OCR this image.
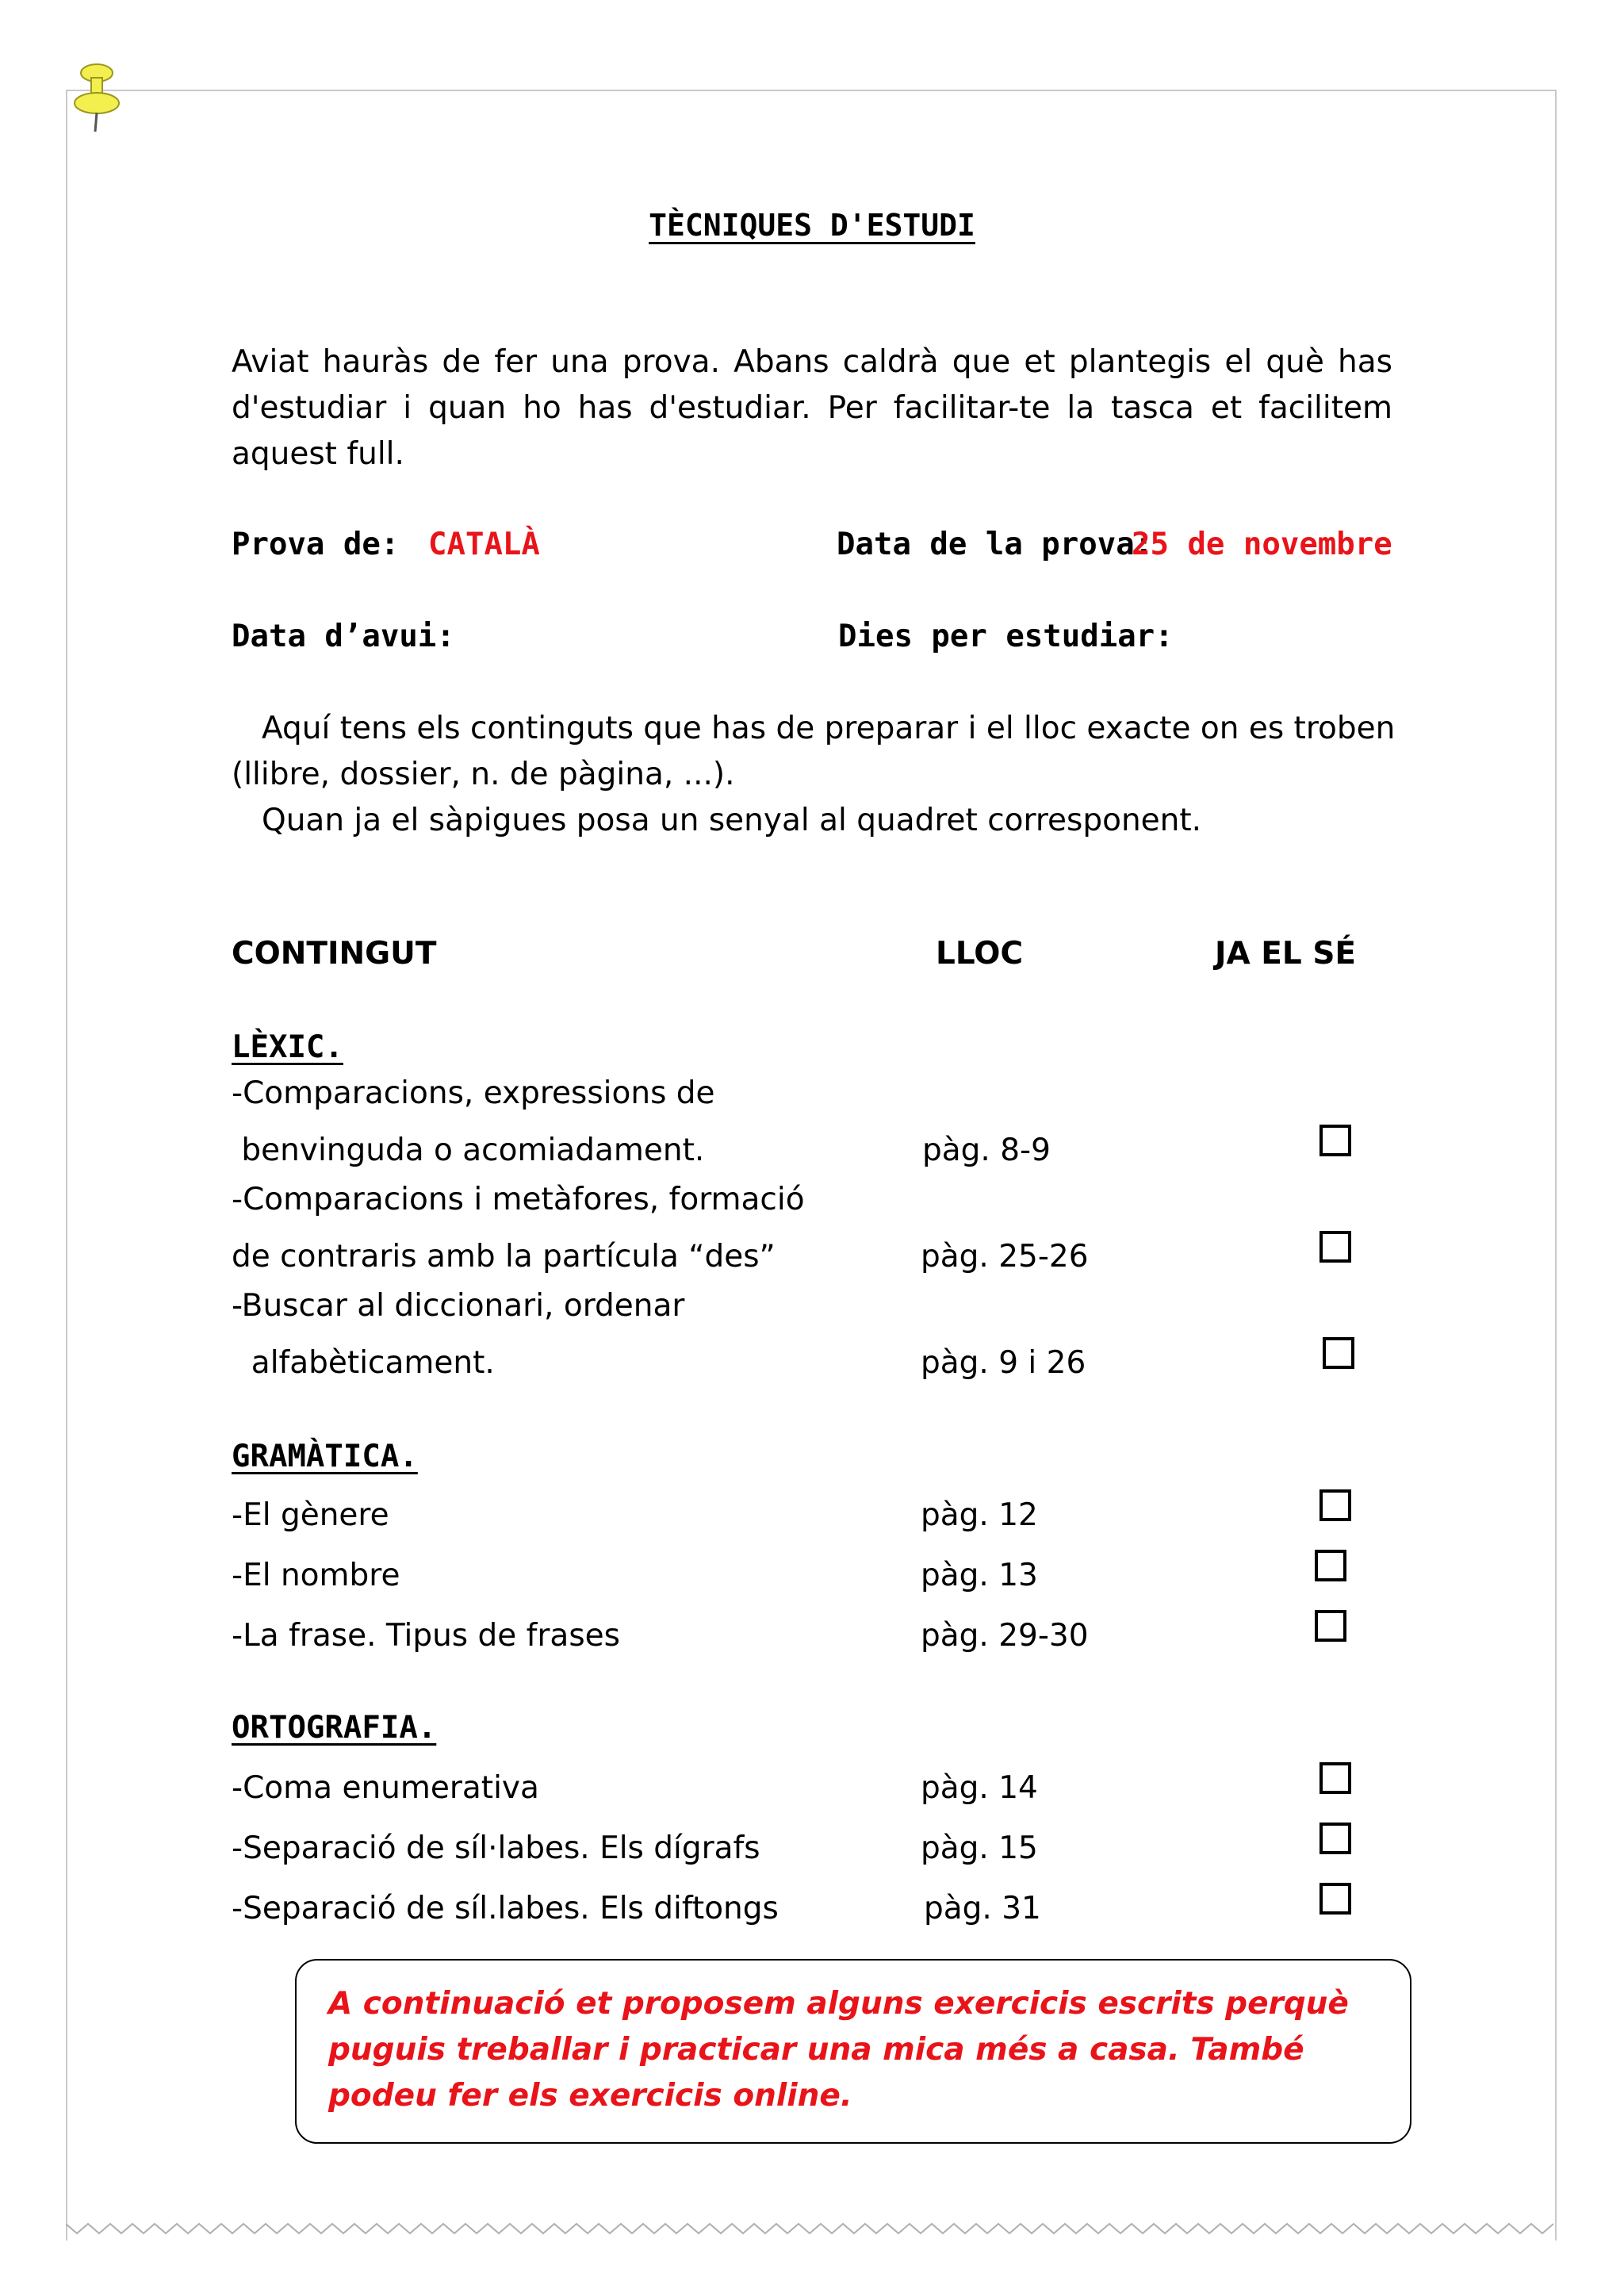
TÈCNIQUES D'ESTUDI
Aviat hauràs de fer una prova. Abans caldrà que et plantegis el què has d'estudiar i quan ho has d'estudiar. Per facilitar-te la tasca et facilitem aquest full.
Prova de: CATALÀ	Data de la prova:
25 de novembre
Data d’avui:	Dies per estudiar:
Aquí tens els continguts que has de preparar i el lloc exacte on es troben
(llibre, dossier, n. de pàgina, ...).
Quan ja el sàpigues posa un senyal al quadret corresponent.
CONTINGUT	LLOC	JA EL SÉ
LÈXIC.
-Comparacions, expressions de
benvinguda o acomiadament.	pàg. 8-9
-Comparacions i metàfores, formació
de contraris amb la partícula “des”	pàg. 25-26
-Buscar al diccionari, ordenar
alfabèticament.	pàg. 9 i 26
GRAMÀTICA.
-El gènere	pàg. 12
-El nombre	pàg. 13
-La frase. Tipus de frases	pàg. 29-30
ORTOGRAFIA.
-Coma enumerativa	pàg. 14
-Separació de síl·labes. Els dígrafs	pàg. 15
-Separació de síl.labes. Els diftongs	pàg. 31
A continuació et proposem alguns exercicis escrits perquè puguis treballar i practicar una mica més a casa. També podeu fer els exercicis online.
